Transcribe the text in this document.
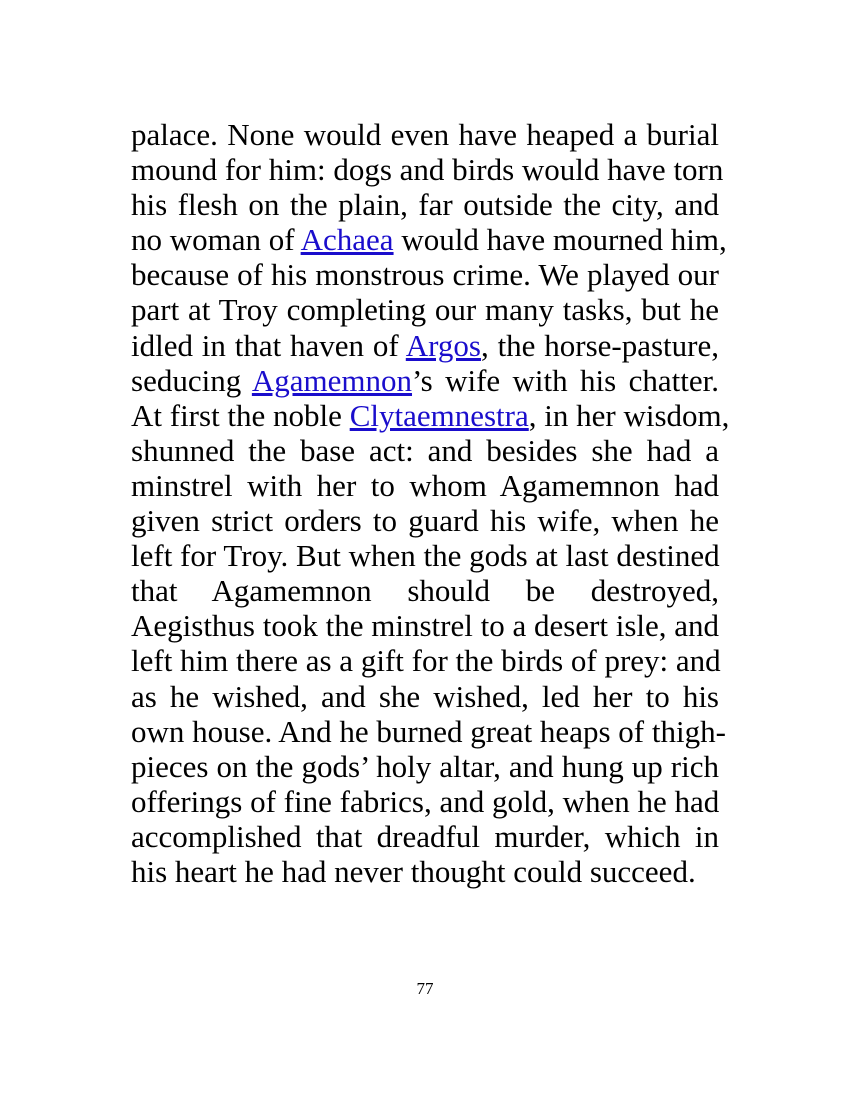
palace. None would even have heaped a burial
mound for him: dogs and birds would have torn
his flesh on the plain, far outside the city, and
no woman of Achaea would have mourned him,
because of his monstrous crime. We played our
part at Troy completing our many tasks, but he
idled in that haven of Argos, the horse-pasture,
seducing Agamemnon’s wife with his chatter.
At first the noble Clytaemnestra, in her wisdom,
shunned the base act: and besides she had a
minstrel with her to whom Agamemnon had
given strict orders to guard his wife, when he
left for Troy. But when the gods at last destined
that Agamemnon should be destroyed,
Aegisthus took the minstrel to a desert isle, and
left him there as a gift for the birds of prey: and
as he wished, and she wished, led her to his
own house. And he burned great heaps of thigh-
pieces on the gods’ holy altar, and hung up rich
offerings of fine fabrics, and gold, when he had
accomplished that dreadful murder, which in
his heart he had never thought could succeed.
77
